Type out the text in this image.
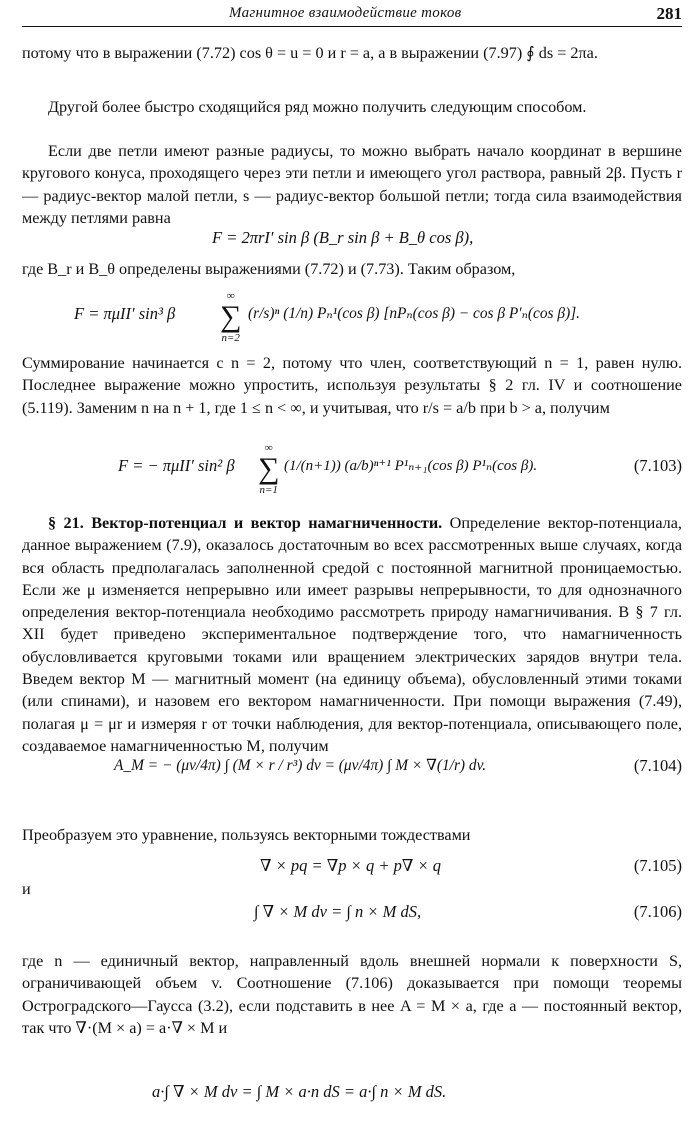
Магнитное взаимодействие токов	281
потому что в выражении (7.72) cos θ = u = 0 и r = a, а в выражении (7.97) ∮ ds = 2πa.
Другой более быстро сходящийся ряд можно получить следующим способом.
Если две петли имеют разные радиусы, то можно выбрать начало координат в вершине кругового конуса, проходящего через эти петли и имеющего угол раствора, равный 2β. Пусть r — радиус-вектор малой петли, s — радиус-вектор большой петли; тогда сила взаимодействия между петлями равна
F = 2πrI′ sin β (B_r sin β + B_θ cos β),
где B_r и B_θ определены выражениями (7.72) и (7.73). Таким образом,
F = πμII′ sin³ β
∞
∑
n=2
(r/s)ⁿ (1/n) Pₙ¹(cos β) [nPₙ(cos β) − cos β P′ₙ(cos β)].
Суммирование начинается с n = 2, потому что член, соответствующий n = 1, равен нулю. Последнее выражение можно упростить, используя результаты § 2 гл. IV и соотношение (5.119). Заменим n на n + 1, где 1 ≤ n < ∞, и учитывая, что r/s = a/b при b > a, получим
F = − πμII′ sin² β
∞
∑
n=1
(1/(n+1)) (a/b)ⁿ⁺¹ P¹ₙ₊₁(cos β) P¹ₙ(cos β).	(7.103)
§ 21. Вектор-потенциал и вектор намагниченности. Определение вектор-потенциала, данное выражением (7.9), оказалось достаточным во всех рассмотренных выше случаях, когда вся область предполагалась заполненной средой с постоянной магнитной проницаемостью. Если же μ изменяется непрерывно или имеет разрывы непрерывности, то для однозначного определения вектор-потенциала необходимо рассмотреть природу намагничивания. В § 7 гл. XII будет приведено экспериментальное подтверждение того, что намагниченность обусловливается круговыми токами или вращением электрических зарядов внутри тела. Введем вектор M — магнитный момент (на единицу объема), обусловленный этими токами (или спинами), и назовем его вектором намагниченности. При помощи выражения (7.49), полагая μ = μr и измеряя r от точки наблюдения, для вектор-потенциала, описывающего поле, создаваемое намагниченностью M, получим
A_M = − (μv/4π) ∫ (M × r / r³) dv = (μv/4π) ∫ M × ∇(1/r) dv.	(7.104)
Преобразуем это уравнение, пользуясь векторными тождествами
∇ × pq = ∇p × q + p∇ × q	(7.105)
и
∫ ∇ × M dv = ∫ n × M dS,	(7.106)
где n — единичный вектор, направленный вдоль внешней нормали к поверхности S, ограничивающей объем v. Соотношение (7.106) доказывается при помощи теоремы Остроградского—Гаусса (3.2), если подставить в нее A = M × a, где a — постоянный вектор, так что ∇·(M × a) = a·∇ × M и
a·∫ ∇ × M dv = ∫ M × a·n dS = a·∫ n × M dS.
